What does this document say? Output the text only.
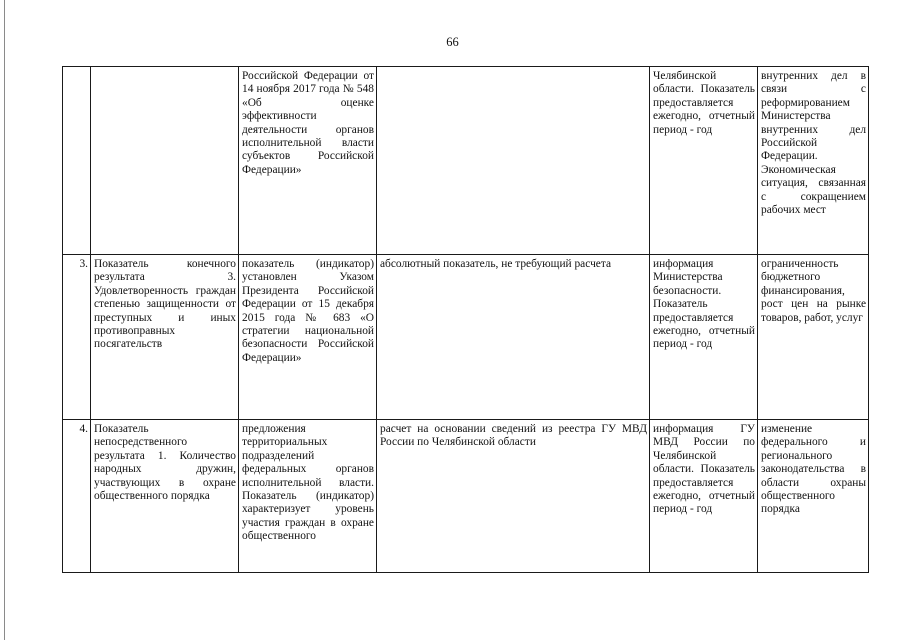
66

		Российской Федерации от 14 ноября 2017 года № 548 «Об оценке эффективности деятельности органов исполнительной власти субъектов Российской Федерации»		Челябинской области. Показатель предоставляется ежегодно, отчетный период - год	внутренних дел в связи с реформированием Министерства внутренних дел Российской Федерации. Экономическая ситуация, связанная с сокращением рабочих мест

3.	Показатель конечного результата 3. Удовлетворенность граждан степенью защищенности от преступных и иных противоправных посягательств	показатель (индикатор) установлен Указом Президента Российской Федерации от 15 декабря 2015 года № 683 «О стратегии национальной безопасности Российской Федерации»	абсолютный показатель, не требующий расчета	информация Министерства безопасности. Показатель предоставляется ежегодно, отчетный период - год	ограниченность бюджетного финансирования, рост цен на рынке товаров, работ, услуг

4.	Показатель непосредственного результата 1. Количество народных дружин, участвующих в охране общественного порядка	предложения территориальных подразделений федеральных органов исполнительной власти. Показатель (индикатор) характеризует уровень участия граждан в охране общественного	расчет на основании сведений из реестра ГУ МВД России по Челябинской области	информация ГУ МВД России по Челябинской области. Показатель предоставляется ежегодно, отчетный период - год	изменение федерального и регионального законодательства в области охраны общественного порядка
